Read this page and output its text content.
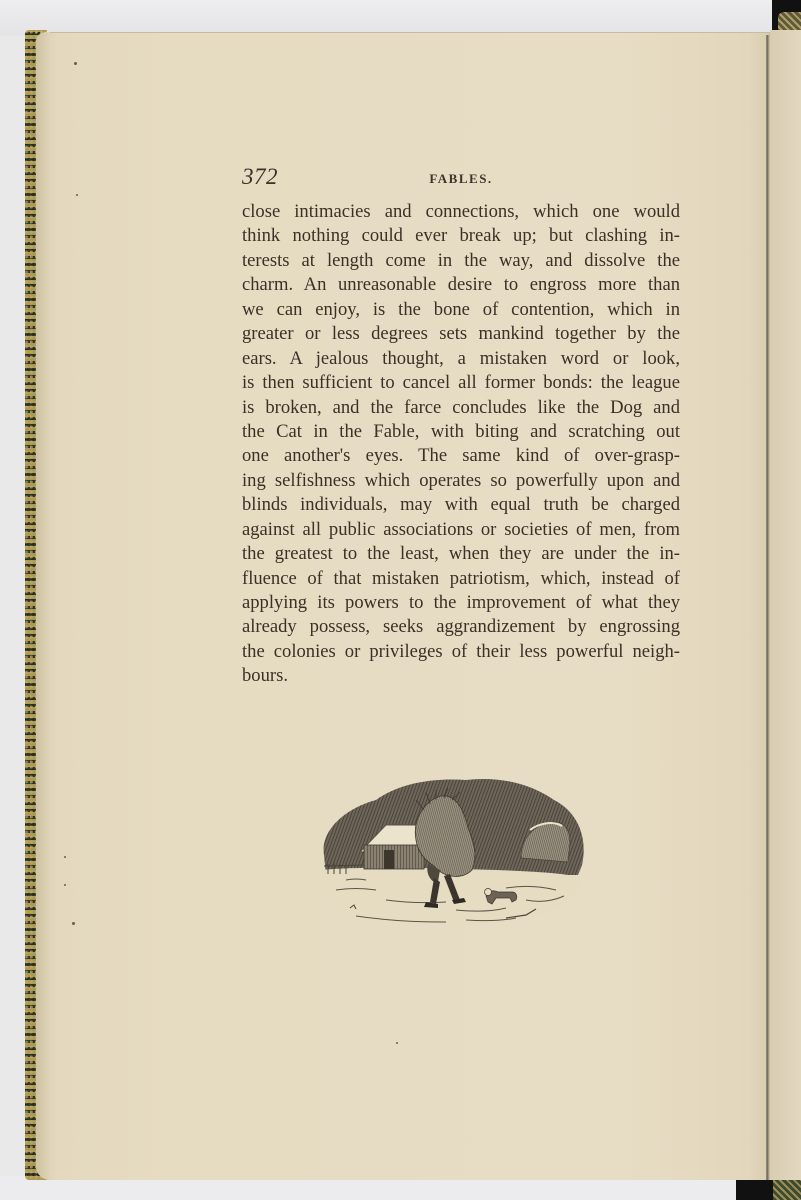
372	FABLES.
close intimacies and connections, which one would
think nothing could ever break up; but clashing in-
terests at length come in the way, and dissolve the
charm. An unreasonable desire to engross more than
we can enjoy, is the bone of contention, which in
greater or less degrees sets mankind together by the
ears. A jealous thought, a mistaken word or look,
is then sufficient to cancel all former bonds: the league
is broken, and the farce concludes like the Dog and
the Cat in the Fable, with biting and scratching out
one another's eyes. The same kind of over-grasp-
ing selfishness which operates so powerfully upon and
blinds individuals, may with equal truth be charged
against all public associations or societies of men, from
the greatest to the least, when they are under the in-
fluence of that mistaken patriotism, which, instead of
applying its powers to the improvement of what they
already possess, seeks aggrandizement by engrossing
the colonies or privileges of their less powerful neigh-
bours.
